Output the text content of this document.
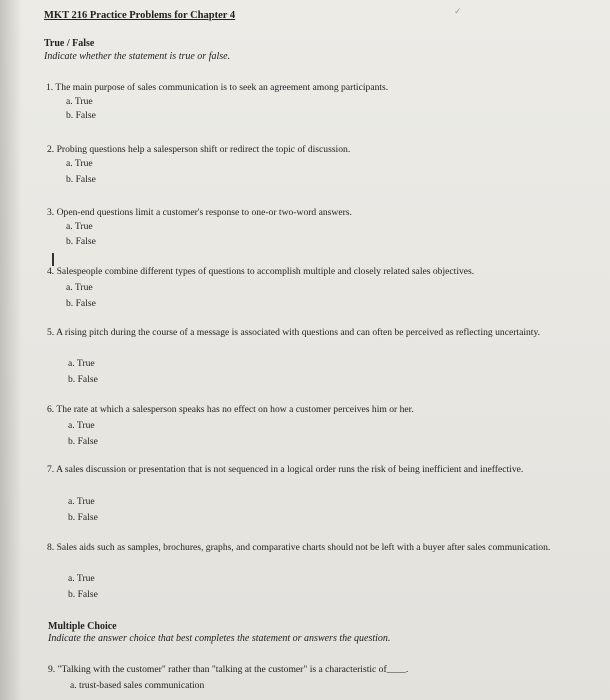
MKT 216 Practice Problems for Chapter 4	✓
True / False
Indicate whether the statement is true or false.
1. The main purpose of sales communication is to seek an agreement among participants.
a. True
b. False
2. Probing questions help a salesperson shift or redirect the topic of discussion.
a. True
b. False
3. Open-end questions limit a customer's response to one-or two-word answers.
a. True
b. False
4. Salespeople combine different types of questions to accomplish multiple and closely related sales objectives.
a. True
b. False
5. A rising pitch during the course of a message is associated with questions and can often be perceived as reflecting uncertainty.
a. True
b. False
6. The rate at which a salesperson speaks has no effect on how a customer perceives him or her.
a. True
b. False
7. A sales discussion or presentation that is not sequenced in a logical order runs the risk of being inefficient and ineffective.
a. True
b. False
8. Sales aids such as samples, brochures, graphs, and comparative charts should not be left with a buyer after sales communication.
a. True
b. False
Multiple Choice
Indicate the answer choice that best completes the statement or answers the question.
9. "Talking with the customer" rather than "talking at the customer" is a characteristic of____.
a. trust-based sales communication
